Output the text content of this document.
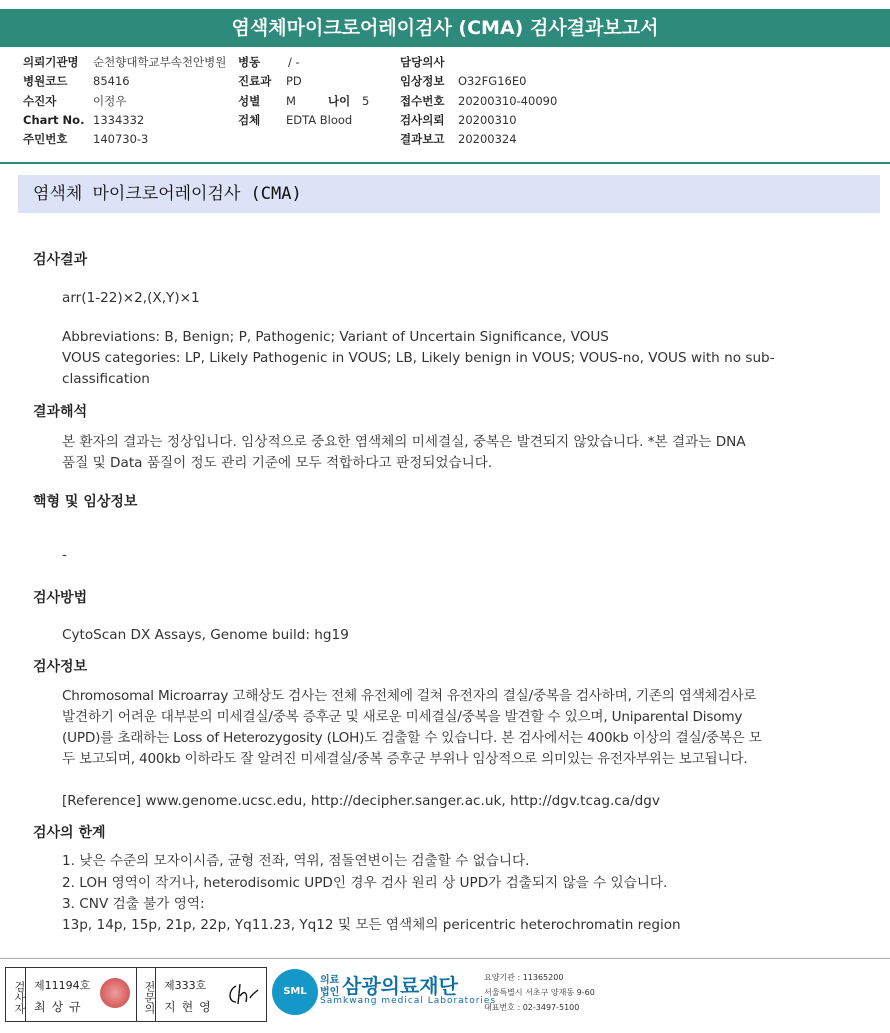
염색체마이크로어레이검사 (CMA) 검사결과보고서
의뢰기관명	순천향대학교부속천안병원
병원코드	85416
수진자	이정우
Chart No. 1334332
주민번호	140730-3
병동	/ -
진료과	PD
성별	M	나이	5
검체	EDTA Blood
담당의사
임상정보	O32FG16E0
접수번호	20200310-40090
검사의뢰	20200310
결과보고	20200324
염색체 마이크로어레이검사 (CMA)
검사결과
arr(1-22)×2,(X,Y)×1
Abbreviations: B, Benign; P, Pathogenic; Variant of Uncertain Significance, VOUS
VOUS categories: LP, Likely Pathogenic in VOUS; LB, Likely benign in VOUS; VOUS-no, VOUS with no sub-
classification
결과해석
본 환자의 결과는 정상입니다. 임상적으로 중요한 염색체의 미세결실, 중복은 발견되지 않았습니다. *본 결과는 DNA
품질 및 Data 품질이 정도 관리 기준에 모두 적합하다고 판정되었습니다.
핵형 및 임상정보
-
검사방법
CytoScan DX Assays, Genome build: hg19
검사정보
Chromosomal Microarray 고해상도 검사는 전체 유전체에 걸쳐 유전자의 결실/중복을 검사하며, 기존의 염색체검사로
발견하기 어려운 대부분의 미세결실/중복 증후군 및 새로운 미세결실/중복을 발견할 수 있으며, Uniparental Disomy
(UPD)를 초래하는 Loss of Heterozygosity (LOH)도 검출할 수 있습니다. 본 검사에서는 400kb 이상의 결실/중복은 모
두 보고되며, 400kb 이하라도 잘 알려진 미세결실/중복 증후군 부위나 임상적으로 의미있는 유전자부위는 보고됩니다.
[Reference] www.genome.ucsc.edu, http://decipher.sanger.ac.uk, http://dgv.tcag.ca/dgv
검사의 한계
1. 낮은 수준의 모자이시즘, 균형 전좌, 역위, 점돌연변이는 검출할 수 없습니다.
2. LOH 영역이 작거나, heterodisomic UPD인 경우 검사 원리 상 UPD가 검출되지 않을 수 있습니다.
3. CNV 검출 불가 영역:
13p, 14p, 15p, 21p, 22p, Yq11.23, Yq12 및 모든 염색체의 pericentric heterochromatin region
검사자 제11194호
최상규	전문의 제333호
지현영
SML
의료
법인 삼광의료재단
Samkwang medical Laboratories
요양기관 : 11365200
서울특별시 서초구 양재동 9-60
대표번호 : 02-3497-5100
